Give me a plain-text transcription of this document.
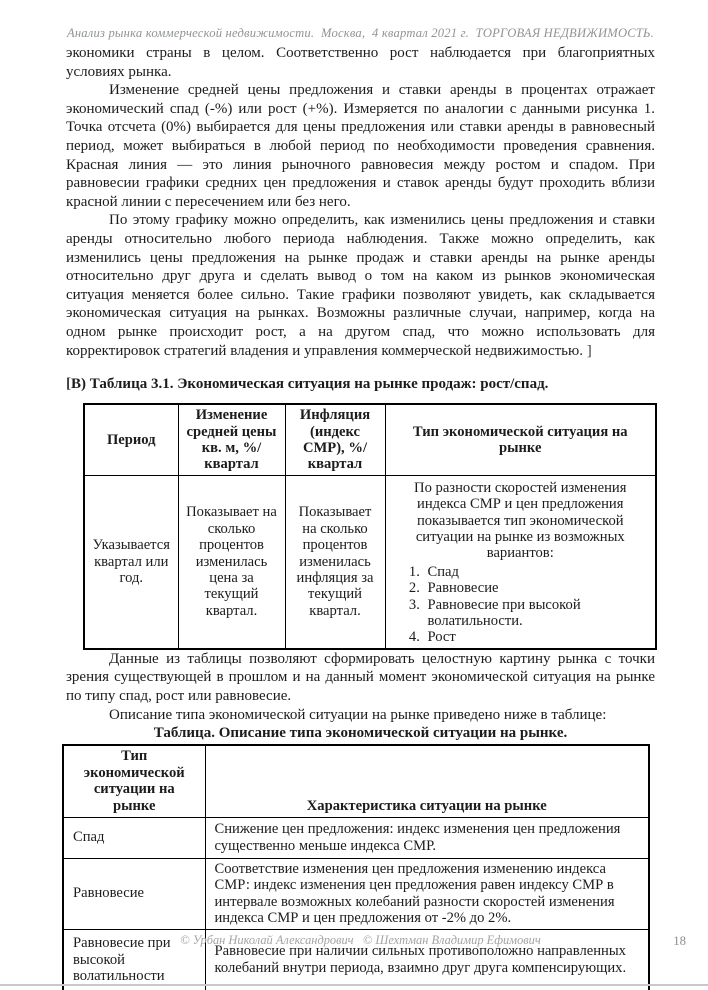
Анализ рынка коммерческой недвижимости.  Москва,  4 квартал 2021 г.  ТОРГОВАЯ НЕДВИЖИМОСТЬ.

экономики страны в целом. Соответственно рост наблюдается при благоприятных условиях рынка.

Изменение средней цены предложения и ставки аренды в процентах отражает экономический спад (-%) или рост (+%). Измеряется по аналогии с данными рисунка 1. Точка отсчета (0%) выбирается для цены предложения или ставки аренды в равновесный период, может выбираться в любой период по необходимости проведения сравнения. Красная линия — это линия рыночного равновесия между ростом и спадом. При равновесии графики средних цен предложения и ставок аренды будут проходить вблизи красной линии с пересечением или без него.

По этому графику можно определить, как изменились цены предложения и ставки аренды относительно любого периода наблюдения. Также можно определить, как изменились цены предложения на рынке продаж и ставки аренды на рынке аренды относительно друг друга и сделать вывод о том на каком из рынков экономическая ситуация меняется более сильно. Такие графики позволяют увидеть, как складывается экономическая ситуация на рынках. Возможны различные случаи, например, когда на одном рынке происходит рост, а на другом спад, что можно использовать для корректировок стратегий владения и управления коммерческой недвижимостью. ]

[В) Таблица 3.1. Экономическая ситуация на рынке продаж: рост/спад.

Период	Изменение средней цены кв. м, %/квартал	Инфляция (индекс СМР), %/квартал	Тип экономической ситуация на рынке
Указывается квартал или год.	Показывает на сколько процентов изменилась цена за текущий квартал.	Показывает на сколько процентов изменилась инфляция за текущий квартал.	

По разности скоростей изменения индекса СМР и цен предложения показывается тип экономической ситуации на рынке из возможных вариантов:

1. Спад
2. Равновесие
3. Равновесие при высокой волатильности.
4. Рост

Данные из таблицы позволяют сформировать целостную картину рынка с точки зрения существующей в прошлом и на данный момент экономической ситуация на рынке по типу спад, рост или равновесие.

Описание типа экономической ситуации на рынке приведено ниже в таблице:

Таблица. Описание типа экономической ситуации на рынке.

Тип экономической ситуации на рынке	Характеристика ситуации на рынке
Спад	Снижение цен предложения: индекс изменения цен предложения существенно меньше индекса СМР.
Равновесие	Соответствие изменения цен предложения изменению индекса СМР: индекс изменения цен предложения равен индексу СМР в интервале возможных колебаний разности скоростей изменения индекса СМР и цен предложения от -2% до 2%.
Равновесие при высокой волатильности	Равновесие при наличии сильных противоположно направленных колебаний внутри периода, взаимно друг друга компенсирующих.
© Урбан Николай Александрович   © Шехтман Владимир Ефимович	18
